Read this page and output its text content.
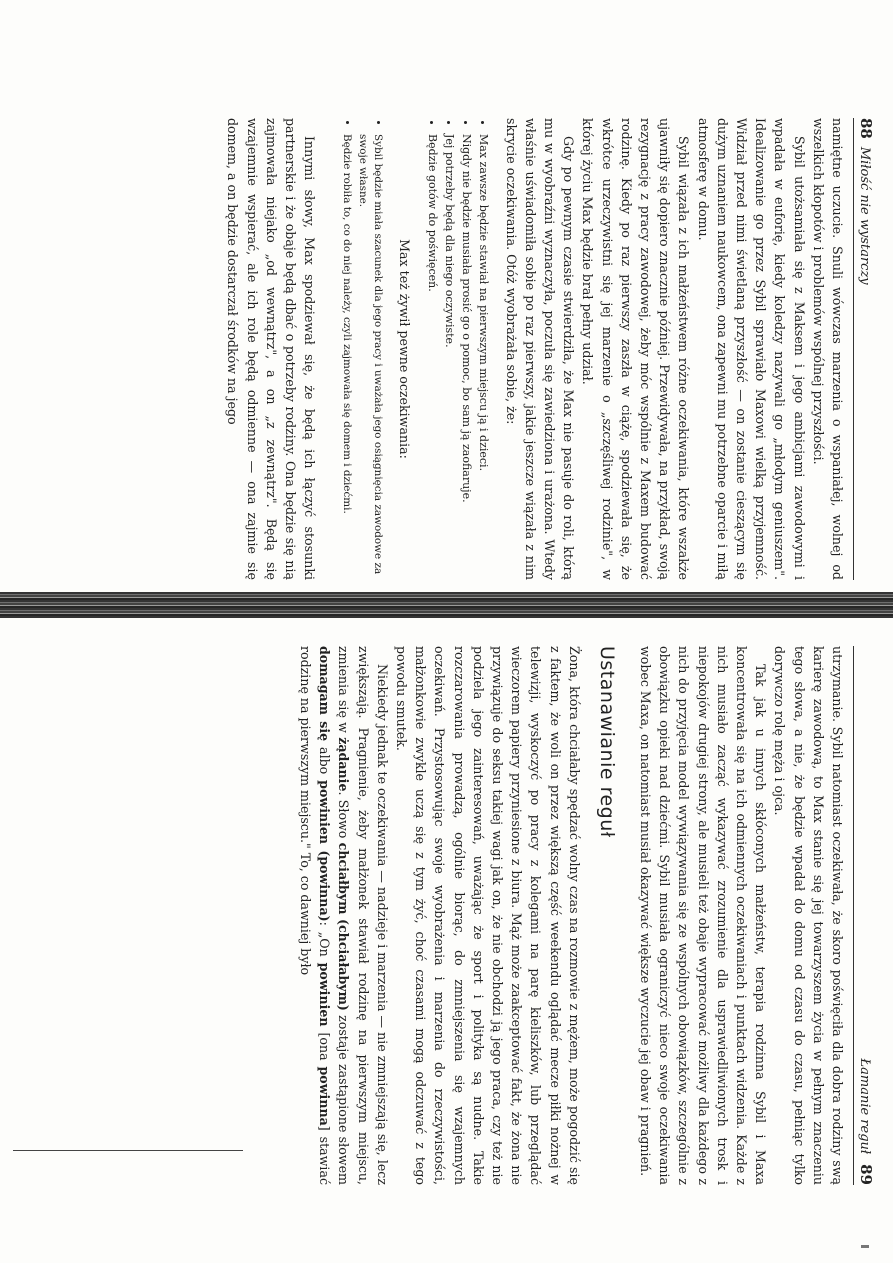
88Miłość nie wystarczy

namiętne uczucie. Snuli wówczas marzenia o wspaniałej, wolnej od wszelkich kłopotów i problemów wspólnej przyszłości.

Sybil utożsamiała się z Maksem i jego ambicjami zawodowymi i wpadała w euforię, kiedy koledzy nazywali go „młodym geniuszem". Idealizowanie go przez Sybil sprawiało Maxowi wielką przyjemność. Widział przed nimi świetlaną przyszłość — on zostanie cieszącym się dużym uznaniem naukowcem, ona zapewni mu potrzebne oparcie i miłą atmosferę w domu.

Sybil wiązała z ich małżeństwem różne oczekiwania, które wszakże ujawniły się dopiero znacznie później. Przewidywała, na przykład, swoją rezygnację z pracy zawodowej, żeby móc wspólnie z Maxem budować rodzinę. Kiedy po raz pierwszy zaszła w ciążę, spodziewała się, że wkrótce urzeczywistni się jej marzenie o „szczęśliwej rodzinie", w której życiu Max będzie brał pełny udział.

Gdy po pewnym czasie stwierdziła, że Max nie pasuje do roli, którą mu w wyobraźni wyznaczyła, poczuła się zawiedziona i urażona. Wtedy właśnie uświadomiła sobie po raz pierwszy, jakie jeszcze wiązała z nim skrycie oczekiwania. Otóż wyobrażała sobie, że:

• Max zawsze będzie stawiał na pierwszym miejscu ją i dzieci.
• Nigdy nie będzie musiała prosić go o pomoc, bo sam ją zaofiaruje.
• Jej potrzeby będą dla niego oczywiste.
• Będzie gotów do poświęceń.

Max też żywił pewne oczekiwania:

• Sybil będzie miała szacunek dla jego pracy i uważała jego osiągnięcia zawodowe za swoje własne.
• Będzie robiła to, co do niej należy, czyli zajmowała się domem i dziećmi.

Innymi słowy, Max spodziewał się, że będą ich łączyć stosunki partnerskie i że obaje będą dbać o potrzeby rodziny. Ona będzie się nią zajmowała niejako „od wewnątrz", a on „z zewnątrz". Będą się wzajemnie wspierać, ale ich role będą odmienne — ona zajmie się domem, a on będzie dostarczał środków na jego

Łamanie reguł89

utrzymanie. Sybil natomiast oczekiwała, że skoro poświęciła dla dobra rodziny swą karierę zawodową, to Max stanie się jej towarzyszem życia w pełnym znaczeniu tego słowa, a nie, że będzie wpadał do domu od czasu do czasu, pełniąc tylko dorywczo rolę męża i ojca.

Tak jak u innych skłóconych małżeństw, terapia rodzinna Sybil i Maxa koncentrowała się na ich odmiennych oczekiwaniach i punktach widzenia. Każde z nich musiało zacząć wykazywać zrozumienie dla usprawiedliwionych trosk i niepokojów drugiej strony, ale musieli też obaje wypracować możliwy dla każdego z nich do przyjęcia model wywiązywania się ze wspólnych obowiązków, szczególnie z obowiązku opieki nad dziećmi. Sybil musiała ograniczyć nieco swoje oczekiwania wobec Maxa, on natomiast musiał okazywać większe wyczucie jej obaw i pragnień.

Ustanawianie reguł

Żona, która chciałaby spędzać wolny czas na rozmowie z mężem, może pogodzić się z faktem, że woli on przez większą część weekendu oglądać mecze piłki nożnej w telewizji, wyskoczyć po pracy z kolegami na parę kieliszków, lub przeglądać wieczorem papiery przyniesione z biura. Mąż może zaakceptować fakt, że żona nie przywiązuje do seksu takiej wagi jak on, że nie obchodzi ją jego praca, czy też nie podziela jego zainteresowań, uważając że sport i polityka są nudne. Takie rozczarowania prowadzą, ogólnie biorąc, do zmniejszenia się wzajemnych oczekiwań. Przystosowując swoje wyobrażenia i marzenia do rzeczywistości, małżonkowie zwykle uczą się z tym żyć, choć czasami mogą odczuwać z tego powodu smutek.

Niekiedy jednak te oczekiwania — nadzieje i marzenia — nie zmniejszają się, lecz zwiększają. Pragnienie, żeby małżonek stawiał rodzinę na pierwszym miejscu, zmienia się w żądanie. Słowo chciałbym (chciałabym) zostaje zastąpione słowem domagam się albo powinien (powinna): „On powinien [ona powinna] stawiać rodzinę na pierwszym miejscu." To, co dawniej było
